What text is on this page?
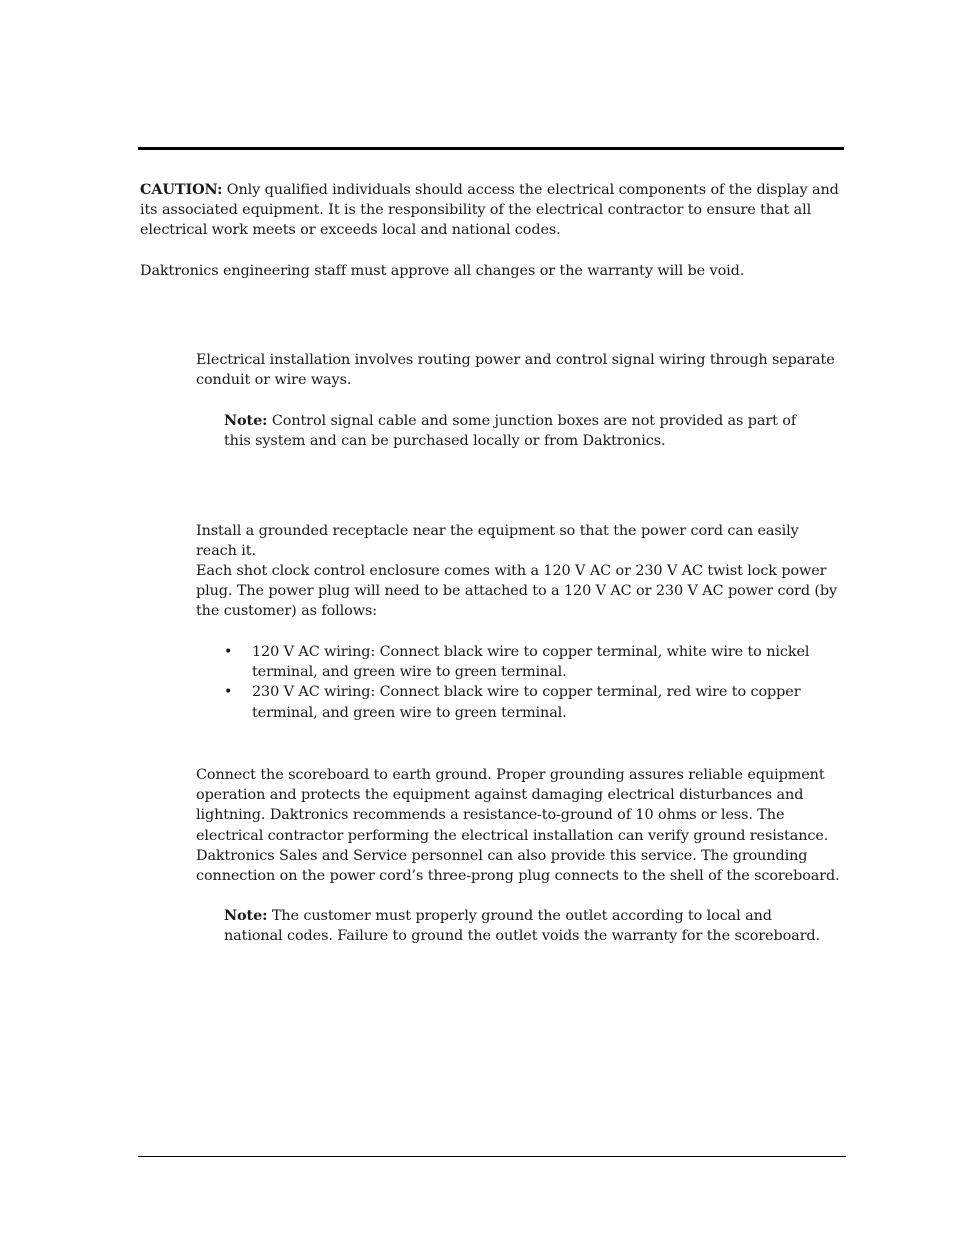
CAUTION: Only qualified individuals should access the electrical components of the display and its associated equipment. It is the responsibility of the electrical contractor to ensure that all electrical work meets or exceeds local and national codes.

Daktronics engineering staff must approve all changes or the warranty will be void.

Electrical installation involves routing power and control signal wiring through separate conduit or wire ways.

Note: Control signal cable and some junction boxes are not provided as part of this system and can be purchased locally or from Daktronics.

Install a grounded receptacle near the equipment so that the power cord can easily reach it.

Each shot clock control enclosure comes with a 120 V AC or 230 V AC twist lock power plug. The power plug will need to be attached to a 120 V AC or 230 V AC power cord (by the customer) as follows:

• 120 V AC wiring: Connect black wire to copper terminal, white wire to nickel terminal, and green wire to green terminal.
• 230 V AC wiring: Connect black wire to copper terminal, red wire to copper terminal, and green wire to green terminal.

Connect the scoreboard to earth ground. Proper grounding assures reliable equipment operation and protects the equipment against damaging electrical disturbances and lightning. Daktronics recommends a resistance-to-ground of 10 ohms or less. The electrical contractor performing the electrical installation can verify ground resistance. Daktronics Sales and Service personnel can also provide this service. The grounding connection on the power cord’s three-prong plug connects to the shell of the scoreboard.

Note: The customer must properly ground the outlet according to local and national codes. Failure to ground the outlet voids the warranty for the scoreboard.
